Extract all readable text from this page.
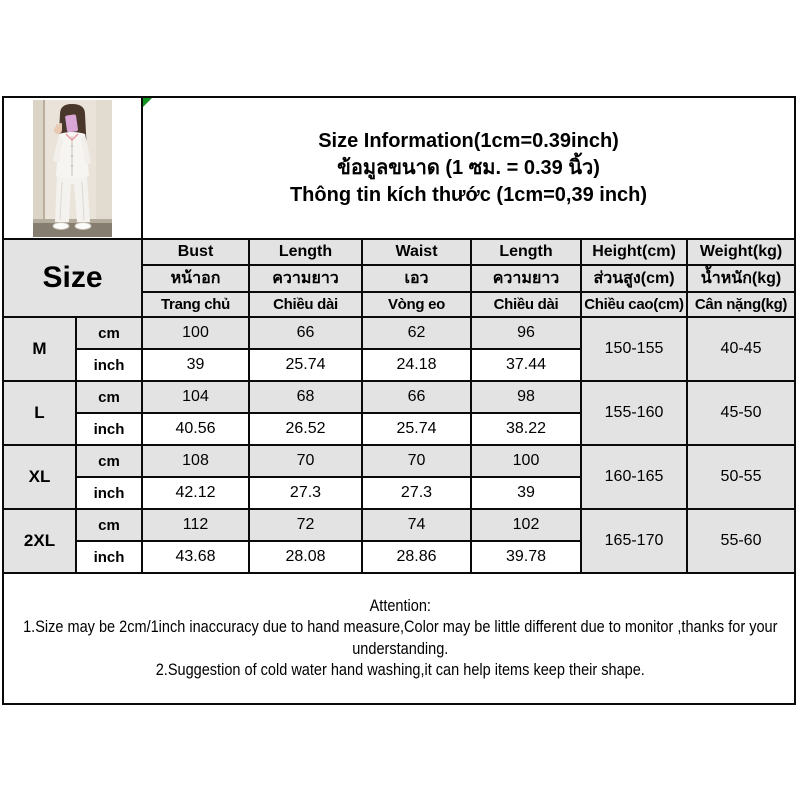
Size Information(1cm=0.39inch)
ข้อมูลขนาด (1 ซม. = 0.39 นิ้ว)
Thông tin kích thước (1cm=0,39 inch)					

Size		Bust	Length	Waist	Length	Height(cm)	Weight(kg)
		หน้าอก	ความยาว	เอว	ความยาว	ส่วนสูง(cm)	น้ำหนัก(kg)
		Trang chủ	Chiều dài	Vòng eo	Chiều dài	Chiều cao(cm)	Cân nặng(kg)
M	cm	100	66	62	96	150-155	40-45
	inch	39	25.74	24.18	37.44		
L	cm	104	68	66	98	155-160	45-50
	inch	40.56	26.52	25.74	38.22		
XL	cm	108	70	70	100	160-165	50-55
	inch	42.12	27.3	27.3	39		
2XL	cm	112	72	74	102	165-170	55-60
	inch	43.68	28.08	28.86	39.78		

Attention:
1.Size may be 2cm/1inch inaccuracy due to hand measure,Color may be little different due to monitor ,thanks for your understanding.
2.Suggestion of cold water hand washing,it can help items keep their shape.							
